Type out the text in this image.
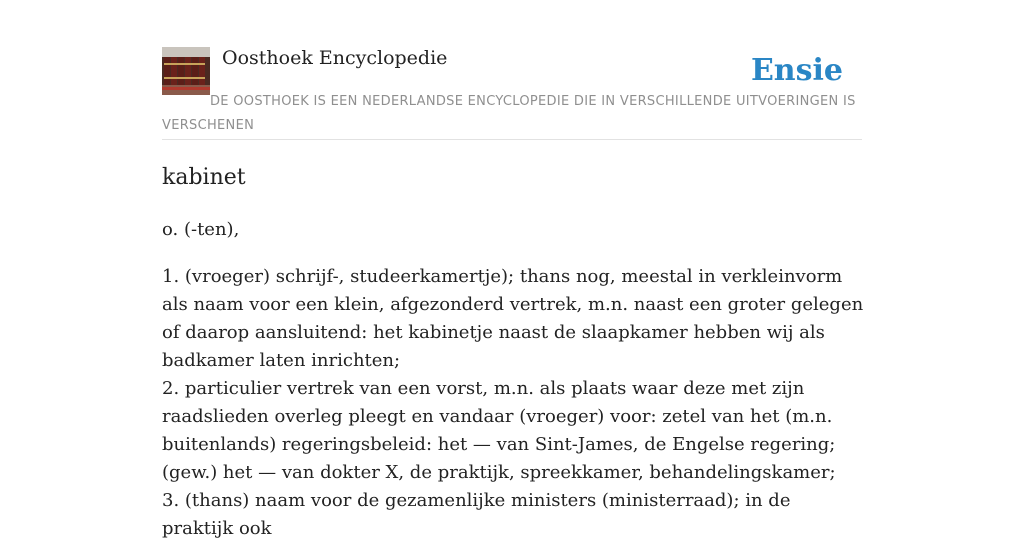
Oosthoek Encyclopedie	Ensie

DE OOSTHOEK IS EEN NEDERLANDSE ENCYCLOPEDIE DIE IN VERSCHILLENDE UITVOERINGEN IS VERSCHENEN

kabinet

o. (-ten),

1. (vroeger) schrijf-, studeerkamertje); thans nog, meestal in verkleinvorm als naam voor een klein, afgezonderd vertrek, m.n. naast een groter gelegen of daarop aansluitend: het kabinetje naast de slaapkamer hebben wij als badkamer laten inrichten;
2. particulier vertrek van een vorst, m.n. als plaats waar deze met zijn raadslieden overleg pleegt en vandaar (vroeger) voor: zetel van het (m.n. buitenlands) regeringsbeleid: het — van Sint-James, de Engelse regering; (gew.) het — van dokter X, de praktijk, spreekkamer, behandelingskamer;
3. (thans) naam voor de gezamenlijke ministers (ministerraad); in de praktijk ook
